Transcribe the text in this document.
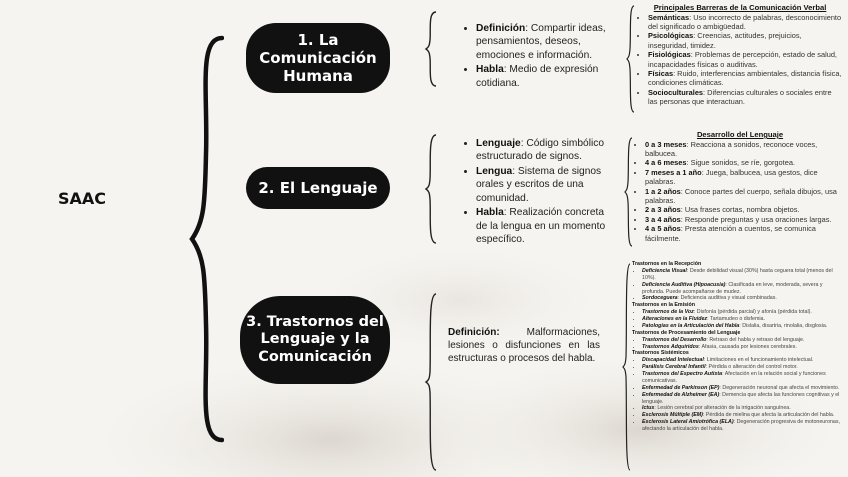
SAAC
1. La
Comunicación
Humana
• Definición: Compartir ideas, pensamientos, deseos, emociones e información.
• Habla: Medio de expresión cotidiana.
Principales Barreras de la Comunicación Verbal
• Semánticas: Uso incorrecto de palabras, desconocimiento del significado o ambigüedad.
• Psicológicas: Creencias, actitudes, prejuicios, inseguridad, timidez.
• Fisiológicas: Problemas de percepción, estado de salud, incapacidades físicas o auditivas.
• Físicas: Ruido, interferencias ambientales, distancia física, condiciones climáticas.
• Socioculturales: Diferencias culturales o sociales entre las personas que interactuan.
2. El Lenguaje
• Lenguaje: Código simbólico estructurado de signos.
• Lengua: Sistema de signos orales y escritos de una comunidad.
• Habla: Realización concreta de la lengua en un momento específico.
Desarrollo del Lenguaje
• 0 a 3 meses: Reacciona a sonidos, reconoce voces, balbucea.
• 4 a 6 meses: Sigue sonidos, se ríe, gorgotea.
• 7 meses a 1 año: Juega, balbucea, usa gestos, dice palabras.
• 1 a 2 años: Conoce partes del cuerpo, señala dibujos, usa palabras.
• 2 a 3 años: Usa frases cortas, nombra objetos.
• 3 a 4 años: Responde preguntas y usa oraciones largas.
• 4 a 5 años: Presta atención a cuentos, se comunica fácilmente.
3. Trastornos del
Lenguaje y la
Comunicación
Definición:	Malformaciones, lesiones o disfunciones en las estructuras o procesos del habla.
Trastornos en la Recepción
• Deficiencia Visual: Desde debilidad visual (30%) hasta ceguera total (menos del 10%).
• Deficiencia Auditiva (Hipoacusia): Clasificada en leve, moderada, severa y profunda. Puede acompañarse de mudez.
• Sordoceguera: Deficiencia auditiva y visual combinadas.
Trastornos en la Emisión
• Trastornos de la Voz: Disfonía (pérdida parcial) y afonía (pérdida total).
• Alteraciones en la Fluidez: Tartamudeo o disfemia.
• Patologías en la Articulación del Habla: Dislalia, disartria, rinolalia, disglosia.
Trastornos de Procesamiento del Lenguaje
• Trastornos del Desarrollo: Retraso del habla y retraso del lenguaje.
• Trastornos Adquiridos: Afasia, causada por lesiones cerebrales.
Trastornos Sistémicos
• Discapacidad Intelectual: Limitaciones en el funcionamiento intelectual.
• Parálisis Cerebral Infantil: Pérdida o alteración del control motor.
• Trastornos del Espectro Autista: Afectación en la relación social y funciones comunicativas.
• Enfermedad de Parkinson (EP): Degeneración neuronal que afecta el movimiento.
• Enfermedad de Alzheimer (EA): Demencia que afecta las funciones cognitivas y el lenguaje.
• Ictus: Lesión cerebral por alteración de la irrigación sanguínea.
• Esclerosis Múltiple (EM): Pérdida de mielina que afecta la articulación del habla.
• Esclerosis Lateral Amiotrófica (ELA): Degeneración progresiva de motoneuronas, afectando la articulación del habla.
